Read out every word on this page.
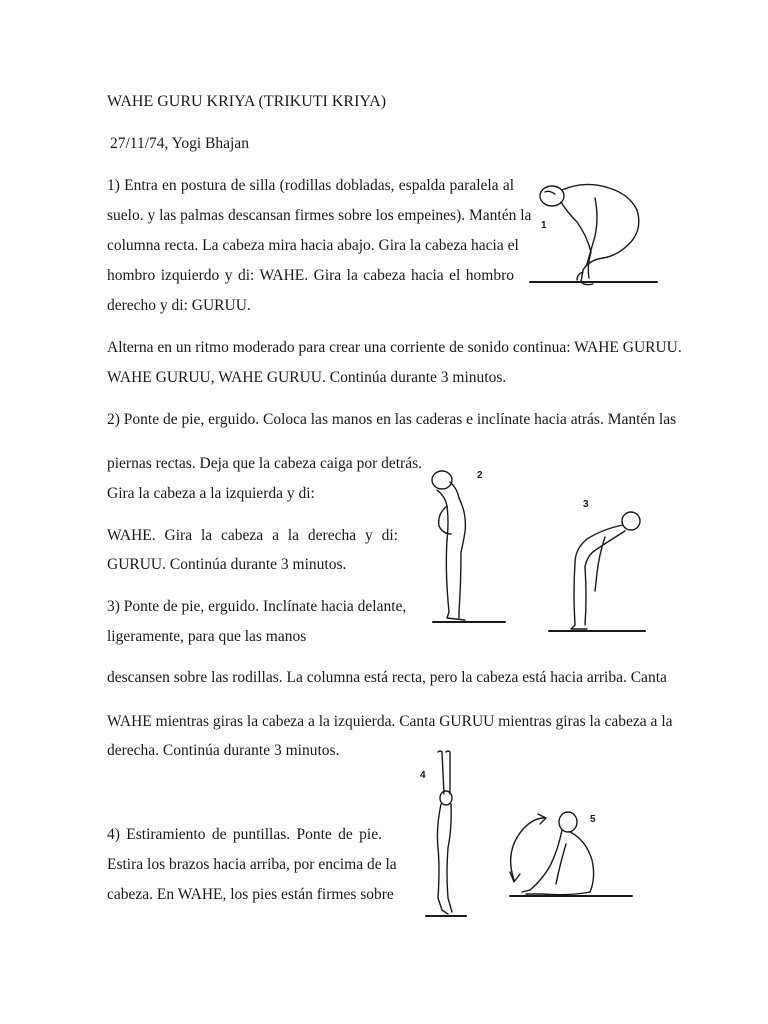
WAHE GURU KRIYA (TRIKUTI KRIYA)
27/11/74, Yogi Bhajan
1) Entra en postura de silla (rodillas dobladas, espalda paralela al
suelo. y las palmas descansan firmes sobre los empeines). Mantén la
columna recta. La cabeza mira hacia abajo. Gira la cabeza hacia el
hombro izquierdo y di: WAHE. Gira la cabeza hacia el hombro
derecho y di: GURUU.
Alterna en un ritmo moderado para crear una corriente de sonido continua: WAHE GURUU.
WAHE GURUU, WAHE GURUU. Continúa durante 3 minutos.
2) Ponte de pie, erguido. Coloca las manos en las caderas e inclínate hacia atrás. Mantén las
piernas rectas. Deja que la cabeza caiga por detrás.
Gira la cabeza a la izquierda y di:
WAHE. Gira la cabeza a la derecha y di:
GURUU. Continúa durante 3 minutos.
3) Ponte de pie, erguido. Inclínate hacia delante,
ligeramente, para que las manos
descansen sobre las rodillas. La columna está recta, pero la cabeza está hacia arriba. Canta
WAHE mientras giras la cabeza a la izquierda. Canta GURUU mientras giras la cabeza a la
derecha. Continúa durante 3 minutos.
4) Estiramiento de puntillas. Ponte de pie.
Estira los brazos hacia arriba, por encima de la
cabeza. En WAHE, los pies están firmes sobre
1
2
3
4
5
